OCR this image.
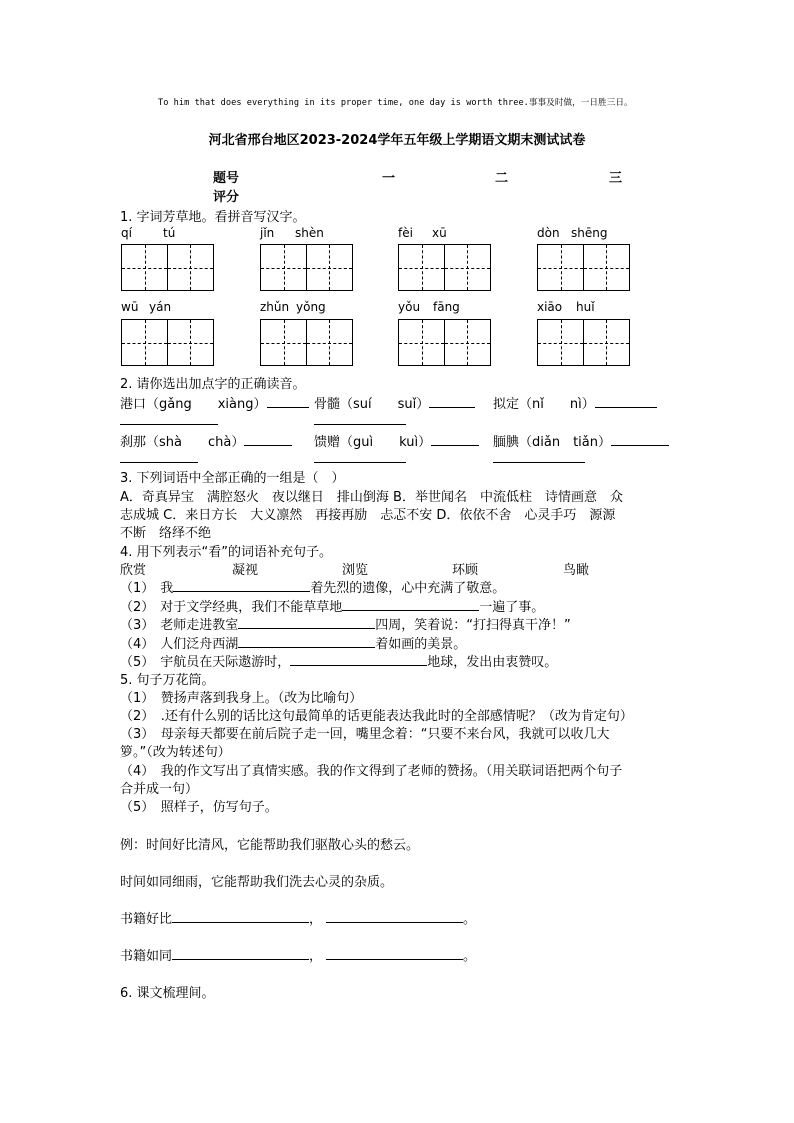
To him that does everything in its proper time, one day is worth three.事事及时做，一日胜三日。
河北省邢台地区2023-2024学年五年级上学期语文期末测试试卷
题号	一	二	三
评分
1. 字词芳草地。看拼音写汉字。
qí	tú	jǐn shèn	fèi xū	dòn shēng
wū yán	zhǔn yǒng	yǒu fāng	xiāo huǐ
2. 请你选出加点字的正确读音。
港口（gǎng　　xiàng）	骨髓（suí　　suǐ）	拟定（nǐ　　nì）
刹那（shà　　chà）	馈赠（guì　　kuì）	腼腆（diǎn　tiǎn）
3. 下列词语中全部正确的一组是（　）
A．奇真异宝　满腔怒火　夜以继日　排山倒海 B．举世闻名　中流低柱　诗情画意　众
志成城 C．来日方长　大义凛然　再接再励　忐忑不安 D．依依不舍　心灵手巧　源源
不断　络绎不绝
4. 用下列表示“看”的词语补充句子。
欣赏	凝视	浏览	环顾	鸟瞰
（1） 我	着先烈的遗像，心中充满了敬意。
（2） 对于文学经典，我们不能草草地	一遍了事。
（3） 老师走进教室	四周，笑着说：“打扫得真干净！”
（4） 人们泛舟西湖	着如画的美景。
（5） 宇航员在天际遨游时，	地球，发出由衷赞叹。
5. 句子万花筒。
（1）　赞扬声落到我身上。（改为比喻句）
（2）　.还有什么别的话比这句最简单的话更能表达我此时的全部感情呢？（改为肯定句）
（3）　母亲每天都要在前后院子走一回，嘴里念着：“只要不来台风，我就可以收几大
箩。”（改为转述句）
（4）　我的作文写出了真情实感。我的作文得到了老师的赞扬。（用关联词语把两个句子
合并成一句）
（5）　照样子，仿写句子。
例：时间好比清风，它能帮助我们驱散心头的愁云。
时间如同细雨，它能帮助我们洗去心灵的杂质。
书籍好比	，	。
书籍如同	，	。
6. 课文梳理间。
